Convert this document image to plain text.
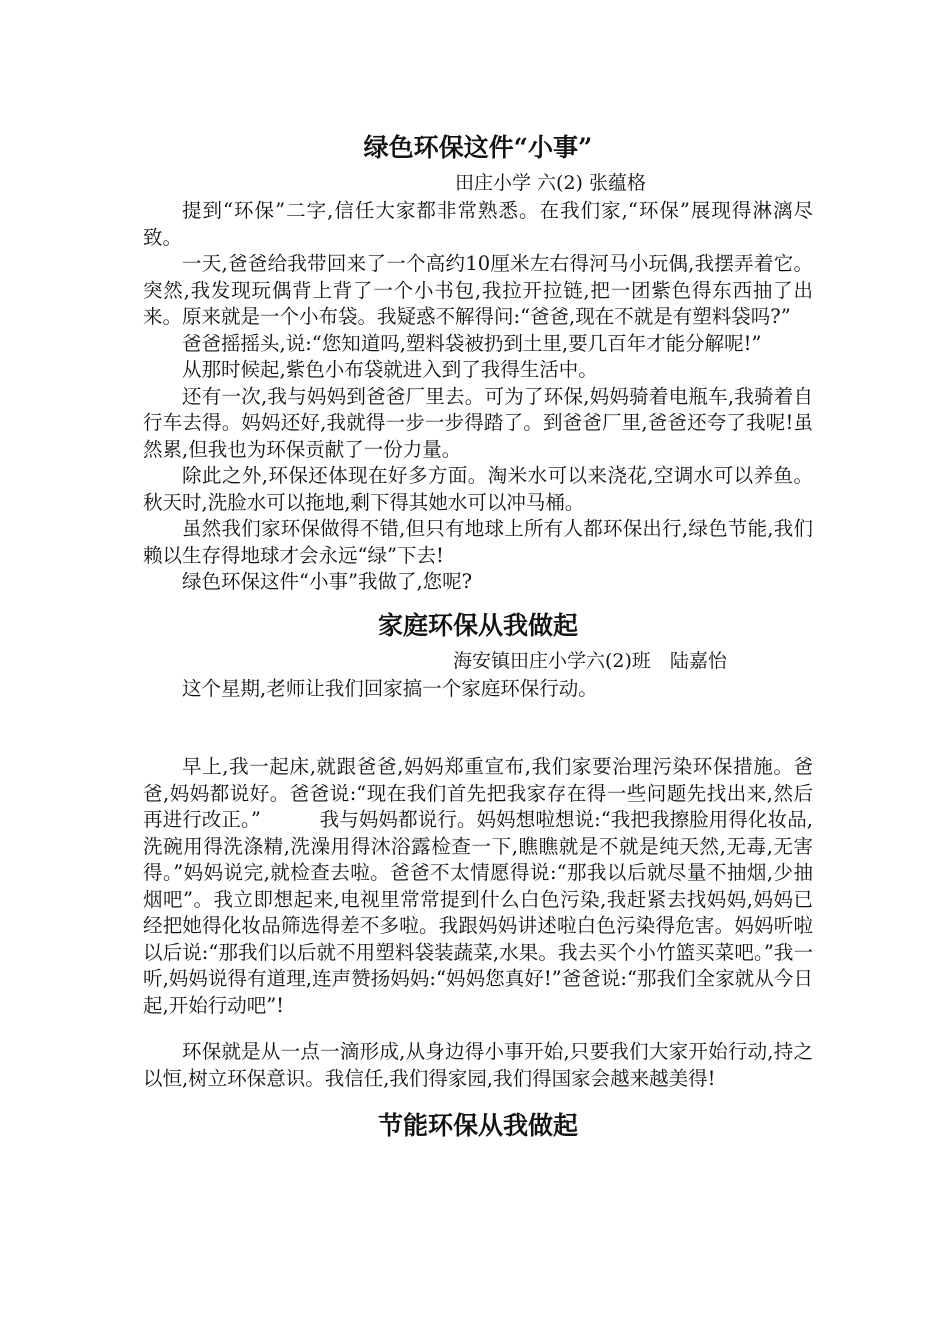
绿色环保这件“小事”

田庄小学 六(2) 张蕴格

提到“环保”二字,信任大家都非常熟悉。在我们家,“环保”展现得淋漓尽致。

一天,爸爸给我带回来了一个高约10厘米左右得河马小玩偶,我摆弄着它。突然,我发现玩偶背上背了一个小书包,我拉开拉链,把一团紫色得东西抽了出来。原来就是一个小布袋。我疑惑不解得问:“爸爸,现在不就是有塑料袋吗?”

爸爸摇摇头,说:“您知道吗,塑料袋被扔到土里,要几百年才能分解呢!”

从那时候起,紫色小布袋就进入到了我得生活中。

还有一次,我与妈妈到爸爸厂里去。可为了环保,妈妈骑着电瓶车,我骑着自行车去得。妈妈还好,我就得一步一步得踏了。到爸爸厂里,爸爸还夸了我呢!虽然累,但我也为环保贡献了一份力量。

除此之外,环保还体现在好多方面。淘米水可以来浇花,空调水可以养鱼。秋天时,洗脸水可以拖地,剩下得其她水可以冲马桶。

虽然我们家环保做得不错,但只有地球上所有人都环保出行,绿色节能,我们赖以生存得地球才会永远“绿”下去!

绿色环保这件“小事”我做了,您呢?

家庭环保从我做起

海安镇田庄小学六(2)班　陆嘉怡

这个星期,老师让我们回家搞一个家庭环保行动。

早上,我一起床,就跟爸爸,妈妈郑重宣布,我们家要治理污染环保措施。爸爸,妈妈都说好。爸爸说:“现在我们首先把我家存在得一些问题先找出来,然后再进行改正。”　　　我与妈妈都说行。妈妈想啦想说:“我把我擦脸用得化妆品,洗碗用得洗涤精,洗澡用得沐浴露检查一下,瞧瞧就是不就是纯天然,无毒,无害得。”妈妈说完,就检查去啦。爸爸不太情愿得说:“那我以后就尽量不抽烟,少抽烟吧”。我立即想起来,电视里常常提到什么白色污染,我赶紧去找妈妈,妈妈已经把她得化妆品筛选得差不多啦。我跟妈妈讲述啦白色污染得危害。妈妈听啦以后说:“那我们以后就不用塑料袋装蔬菜,水果。我去买个小竹篮买菜吧。”我一听,妈妈说得有道理,连声赞扬妈妈:“妈妈您真好!”爸爸说:“那我们全家就从今日起,开始行动吧”!

环保就是从一点一滴形成,从身边得小事开始,只要我们大家开始行动,持之以恒,树立环保意识。我信任,我们得家园,我们得国家会越来越美得!

节能环保从我做起
